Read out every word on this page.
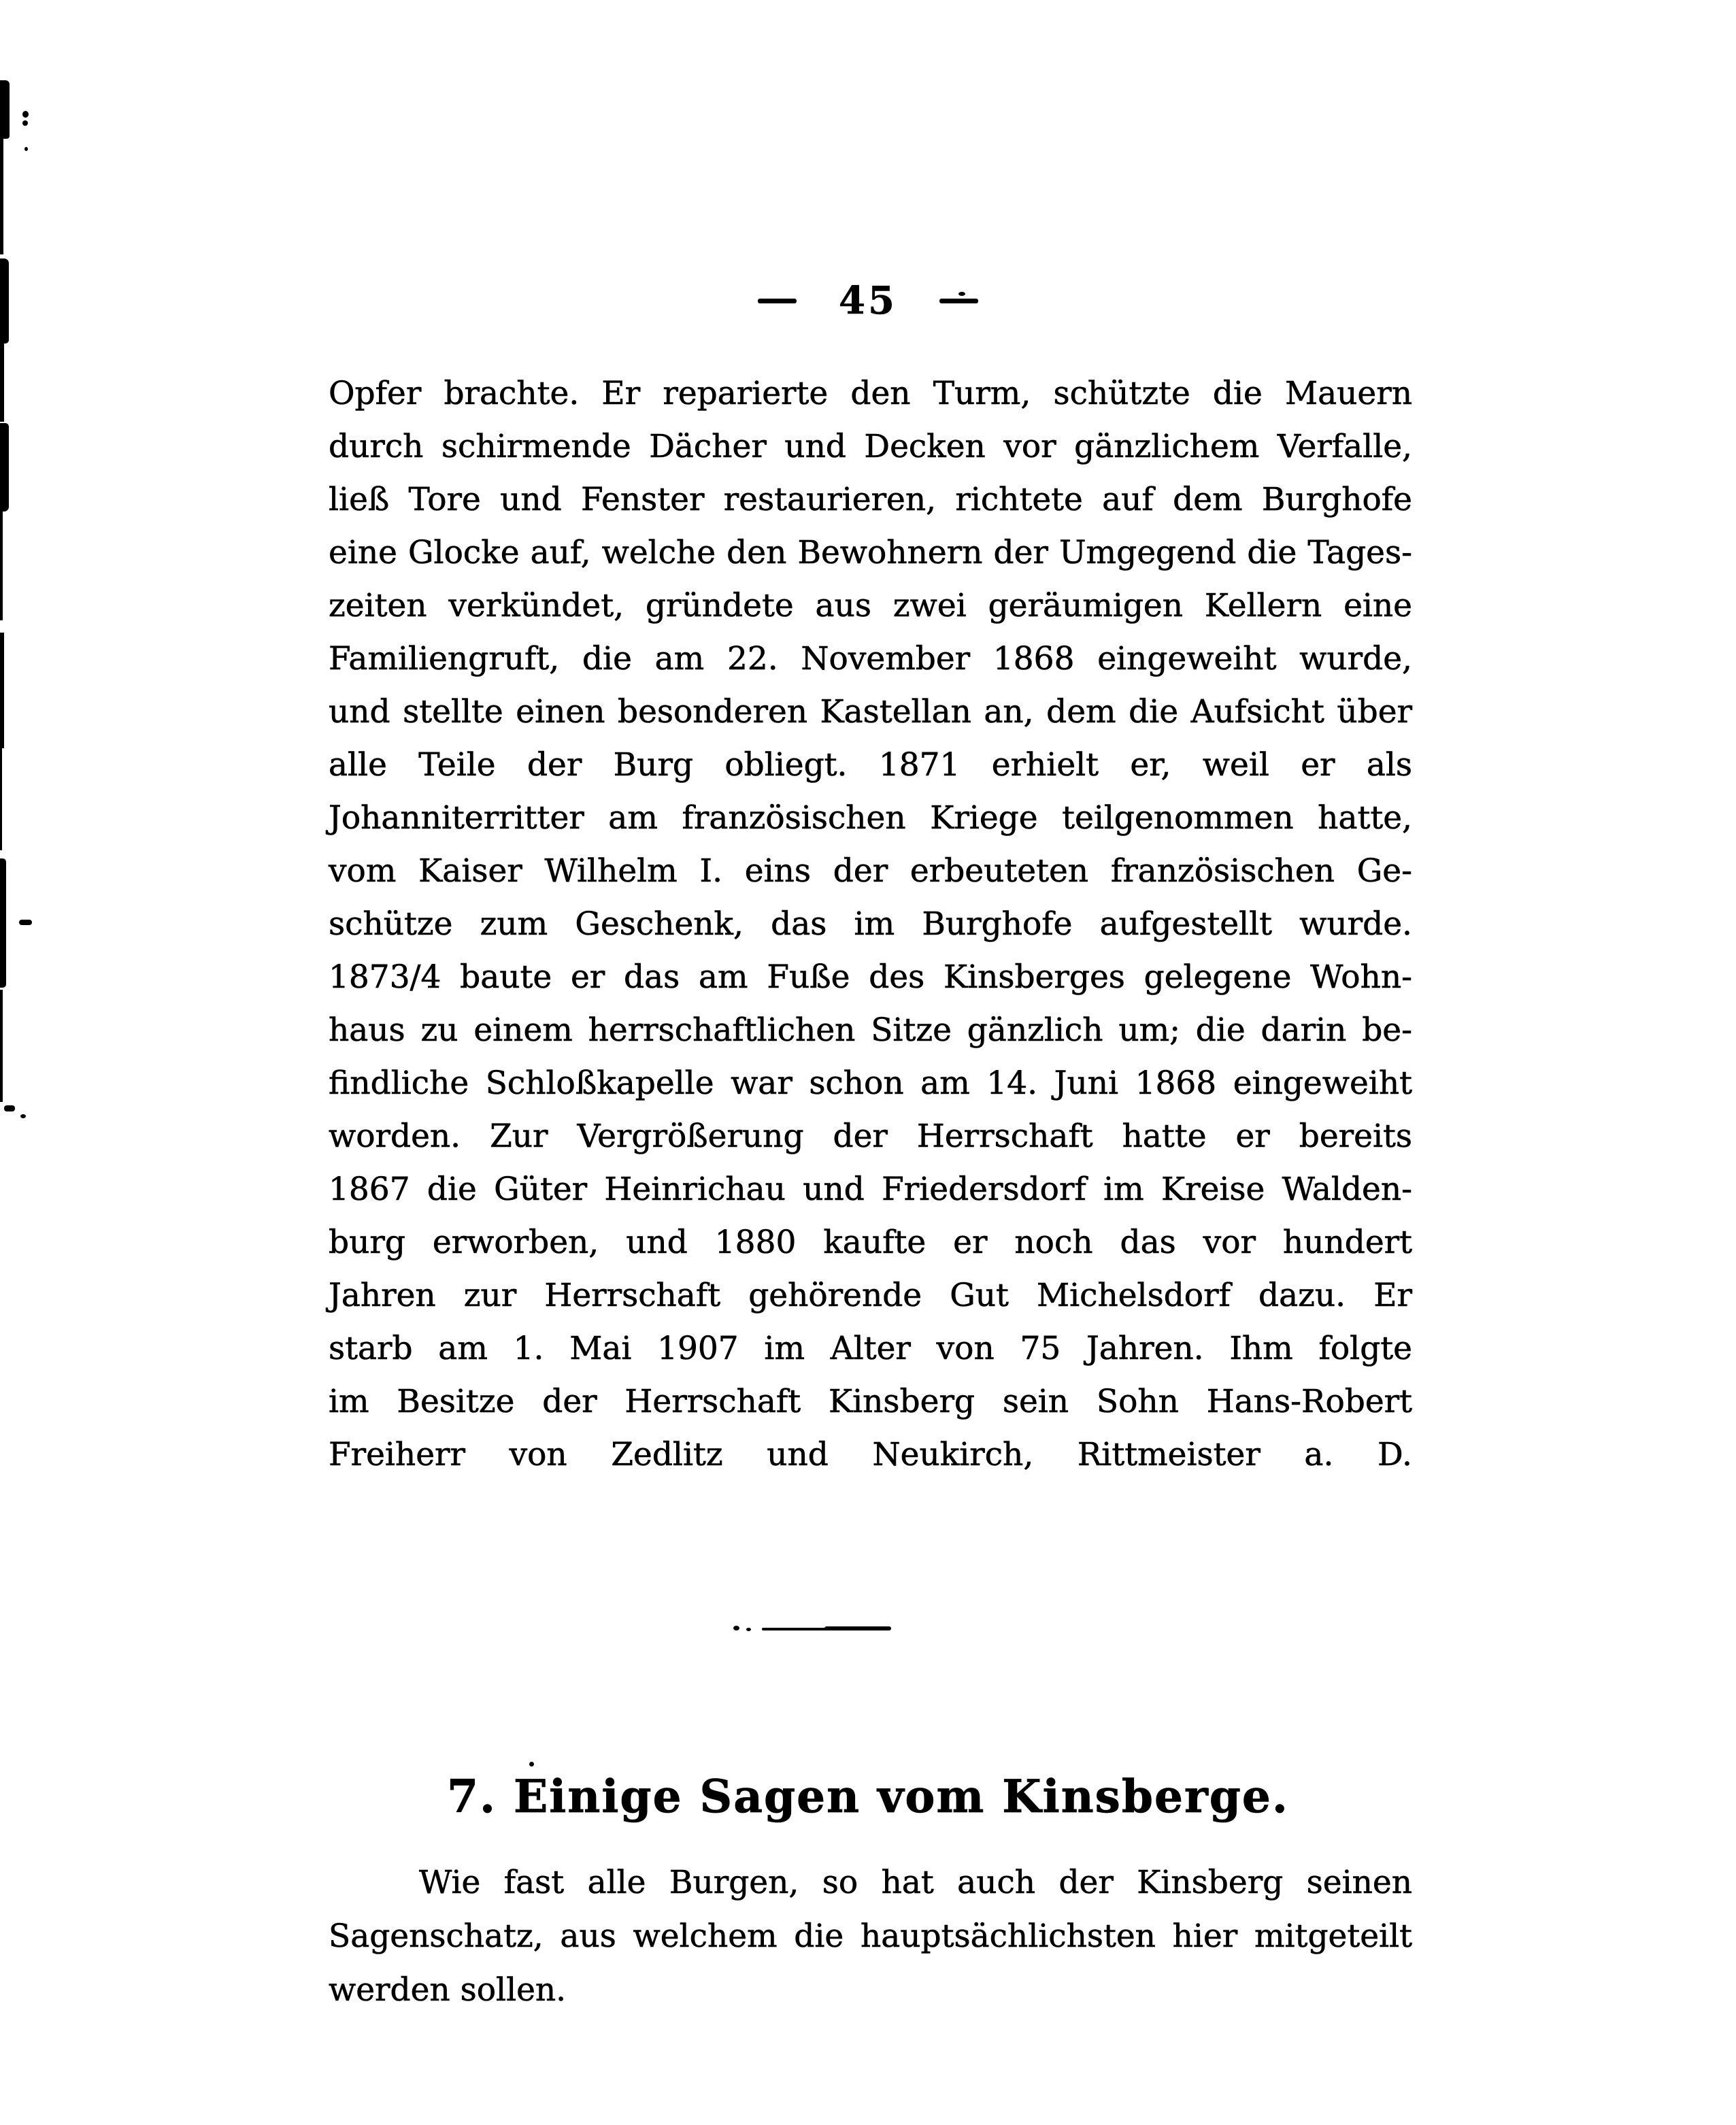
45
Opfer brachte. Er reparierte den Turm, schützte die Mauern
durch schirmende Dächer und Decken vor gänzlichem Verfalle,
ließ Tore und Fenster restaurieren, richtete auf dem Burghofe
eine Glocke auf, welche den Bewohnern der Umgegend die Tages-
zeiten verkündet, gründete aus zwei geräumigen Kellern eine
Familiengruft, die am 22. November 1868 eingeweiht wurde,
und stellte einen besonderen Kastellan an, dem die Aufsicht über
alle Teile der Burg obliegt. 1871 erhielt er, weil er als
Johanniterritter am französischen Kriege teilgenommen hatte,
vom Kaiser Wilhelm I. eins der erbeuteten französischen Ge-
schütze zum Geschenk, das im Burghofe aufgestellt wurde.
1873/4 baute er das am Fuße des Kinsberges gelegene Wohn-
haus zu einem herrschaftlichen Sitze gänzlich um; die darin be-
findliche Schloßkapelle war schon am 14. Juni 1868 eingeweiht
worden. Zur Vergrößerung der Herrschaft hatte er bereits
1867 die Güter Heinrichau und Friedersdorf im Kreise Walden-
burg erworben, und 1880 kaufte er noch das vor hundert
Jahren zur Herrschaft gehörende Gut Michelsdorf dazu. Er
starb am 1. Mai 1907 im Alter von 75 Jahren. Ihm folgte
im Besitze der Herrschaft Kinsberg sein Sohn Hans-Robert
Freiherr von Zedlitz und Neukirch, Rittmeister a. D.
7. Einige Sagen vom Kinsberge.
Wie fast alle Burgen, so hat auch der Kinsberg seinen
Sagenschatz, aus welchem die hauptsächlichsten hier mitgeteilt
werden sollen.
